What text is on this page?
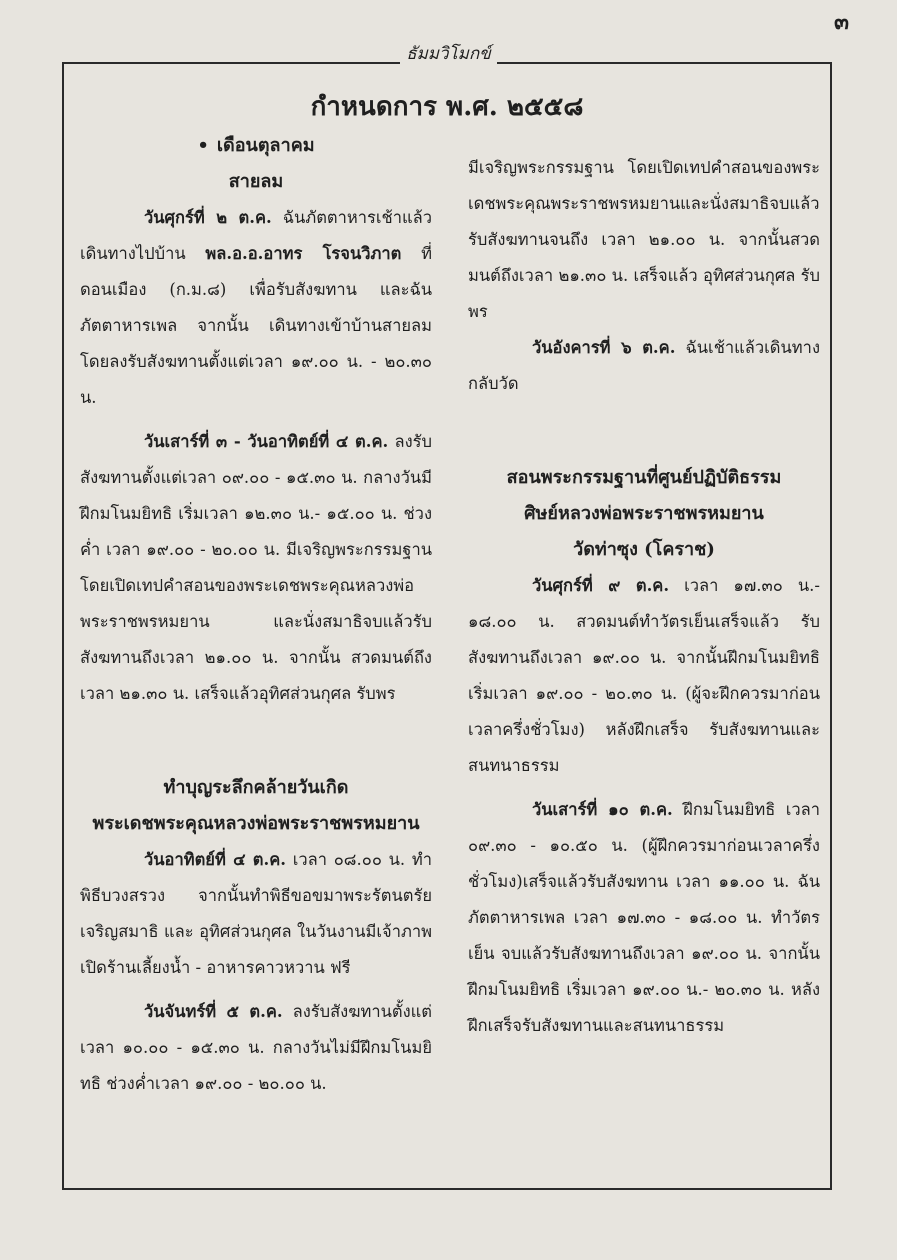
๓
ธัมมวิโมกข์
กำหนดการ พ.ศ. ๒๕๕๘
• เดือนตุลาคม
สายลม

วันศุกร์ที่ ๒ ต.ค. ฉันภัตตาหารเช้าแล้ว เดินทางไปบ้าน พล.อ.อ.อาทร โรจนวิภาต ที่ดอนเมือง (ก.ม.๘) เพื่อรับสังฆทาน และฉันภัตตาหารเพล จากนั้น เดินทางเข้าบ้านสายลม โดยลงรับสังฆทานตั้งแต่เวลา ๑๙.๐๐ น. - ๒๐.๓๐ น.

วันเสาร์ที่ ๓ - วันอาทิตย์ที่ ๔ ต.ค. ลงรับสังฆทานตั้งแต่เวลา ๐๙.๐๐ - ๑๕.๓๐ น. กลางวันมีฝึกมโนมยิทธิ เริ่มเวลา ๑๒.๓๐ น.- ๑๕.๐๐ น. ช่วงค่ำ เวลา ๑๙.๐๐ - ๒๐.๐๐ น. มีเจริญพระกรรมฐาน โดยเปิดเทปคำสอนของพระเดชพระคุณหลวงพ่อพระราชพรหมยาน และนั่งสมาธิจบแล้วรับสังฆทานถึงเวลา ๒๑.๐๐ น. จากนั้น สวดมนต์ถึงเวลา ๒๑.๓๐ น. เสร็จแล้วอุทิศส่วนกุศล รับพร

ทำบุญระลึกคล้ายวันเกิด
พระเดชพระคุณหลวงพ่อพระราชพรหมยาน

วันอาทิตย์ที่ ๔ ต.ค. เวลา ๐๘.๐๐ น. ทำพิธีบวงสรวง จากนั้นทำพิธีขอขมาพระรัตนตรัย เจริญสมาธิ และ อุทิศส่วนกุศล ในวันงานมีเจ้าภาพเปิดร้านเลี้ยงน้ำ - อาหารคาวหวาน ฟรี

วันจันทร์ที่ ๕ ต.ค. ลงรับสังฆทานตั้งแต่เวลา ๑๐.๐๐ - ๑๕.๓๐ น. กลางวันไม่มีฝึกมโนมยิทธิ ช่วงค่ำเวลา ๑๙.๐๐ - ๒๐.๐๐ น.

มีเจริญพระกรรมฐาน โดยเปิดเทปคำสอนของพระเดชพระคุณพระราชพรหมยานและนั่งสมาธิจบแล้วรับสังฆทานจนถึง เวลา ๒๑.๐๐ น. จากนั้นสวดมนต์ถึงเวลา ๒๑.๓๐ น. เสร็จแล้ว อุทิศส่วนกุศล รับพร

วันอังคารที่ ๖ ต.ค. ฉันเช้าแล้วเดินทางกลับวัด

สอนพระกรรมฐานที่ศูนย์ปฏิบัติธรรม
ศิษย์หลวงพ่อพระราชพรหมยาน
วัดท่าซุง (โคราช)

วันศุกร์ที่ ๙ ต.ค. เวลา ๑๗.๓๐ น.- ๑๘.๐๐ น. สวดมนต์ทำวัตรเย็นเสร็จแล้ว รับสังฆทานถึงเวลา ๑๙.๐๐ น. จากนั้นฝึกมโนมยิทธิ เริ่มเวลา ๑๙.๐๐ - ๒๐.๓๐ น. (ผู้จะฝึกควรมาก่อนเวลาครึ่งชั่วโมง) หลังฝึกเสร็จ รับสังฆทานและสนทนาธรรม

วันเสาร์ที่ ๑๐ ต.ค. ฝึกมโนมยิทธิ เวลา ๐๙.๓๐ - ๑๐.๕๐ น. (ผู้ฝึกควรมาก่อนเวลาครึ่งชั่วโมง)เสร็จแล้วรับสังฆทาน เวลา ๑๑.๐๐ น. ฉันภัตตาหารเพล เวลา ๑๗.๓๐ - ๑๘.๐๐ น. ทำวัตรเย็น จบแล้วรับสังฆทานถึงเวลา ๑๙.๐๐ น. จากนั้น ฝึกมโนมยิทธิ เริ่มเวลา ๑๙.๐๐ น.- ๒๐.๓๐ น. หลังฝึกเสร็จรับสังฆทานและสนทนาธรรม
